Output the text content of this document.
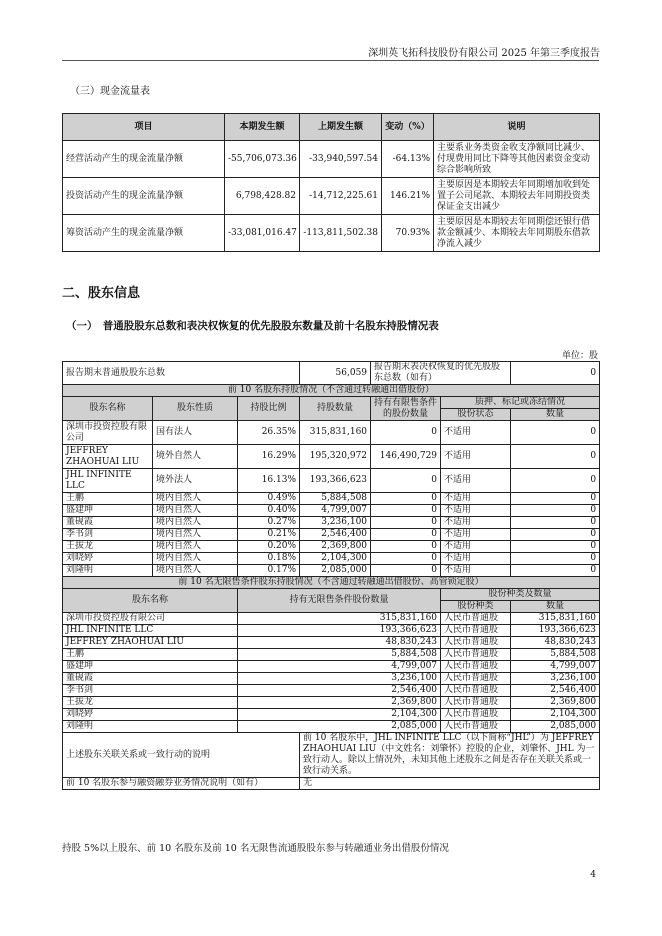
深圳英飞拓科技股份有限公司 2025 年第三季度报告
（三）现金流量表
项目	本期发生额	上期发生额	变动（%）	说明
经营活动产生的现金流量净额	-55,706,073.36	-33,940,597.54	-64.13%	主要系业务类资金收支净额同比减少、付现费用同比下降等其他因素资金变动综合影响所致
投资活动产生的现金流量净额	6,798,428.82	-14,712,225.61	146.21%	主要原因是本期较去年同期增加收到处置子公司尾款、本期较去年同期投资类保证金支出减少
筹资活动产生的现金流量净额	-33,081,016.47	-113,811,502.38	70.93%	主要原因是本期较去年同期偿还银行借款金额减少、本期较去年同期股东借款净流入减少
二、股东信息
（一）　普通股股东总数和表决权恢复的优先股股东数量及前十名股东持股情况表
单位：股
报告期末普通股股东总数			56,059	报告期末表决权恢复的优先股股东总数（如有）		0
前 10 名股东持股情况（不含通过转融通出借股份）						
股东名称	股东性质	持股比例	持股数量	持有有限售条件的股份数量	质押、标记或冻结情况	
					股份状态	数量
深圳市投资控股有限公司	国有法人	26.35%	315,831,160	0	不适用	0
JEFFREY ZHAOHUAI LIU	境外自然人	16.29%	195,320,972	146,490,729	不适用	0
JHL INFINITE LLC	境外法人	16.13%	193,366,623	0	不适用	0
王鹏	境内自然人	0.49%	5,884,508	0	不适用	0
盛建坤	境内自然人	0.40%	4,799,007	0	不适用	0
董砚霞	境内自然人	0.27%	3,236,100	0	不适用	0
李书剑	境内自然人	0.21%	2,546,400	0	不适用	0
王拔龙	境内自然人	0.20%	2,369,800	0	不适用	0
刘晓婷	境内自然人	0.18%	2,104,300	0	不适用	0
刘隆明	境内自然人	0.17%	2,085,000	0	不适用	0
前 10 名无限售条件股东持股情况（不含通过转融通出借股份、高管锁定股）						
股东名称		持有无限售条件股份数量			股份种类及数量	
					股份种类	数量
深圳市投资控股有限公司		315,831,160			人民币普通股	315,831,160
JHL INFINITE LLC		193,366,623			人民币普通股	193,366,623
JEFFREY ZHAOHUAI LIU		48,830,243			人民币普通股	48,830,243
王鹏		5,884,508			人民币普通股	5,884,508
盛建坤		4,799,007			人民币普通股	4,799,007
董砚霞		3,236,100			人民币普通股	3,236,100
李书剑		2,546,400			人民币普通股	2,546,400
王拔龙		2,369,800			人民币普通股	2,369,800
刘晓婷		2,104,300			人民币普通股	2,104,300
刘隆明		2,085,000			人民币普通股	2,085,000
上述股东关联关系或一致行动的说明			前 10 名股东中，JHL INFINITE LLC（以下简称“JHL”）为 JEFFREY ZHAOHUAI LIU（中文姓名：刘肇怀）控股的企业，刘肇怀、JHL 为一致行动人。除以上情况外，未知其他上述股东之间是否存在关联关系或一致行动关系。			
前 10 名股东参与融资融券业务情况说明（如有）			无			
持股 5%以上股东、前 10 名股东及前 10 名无限售流通股股东参与转融通业务出借股份情况
4
